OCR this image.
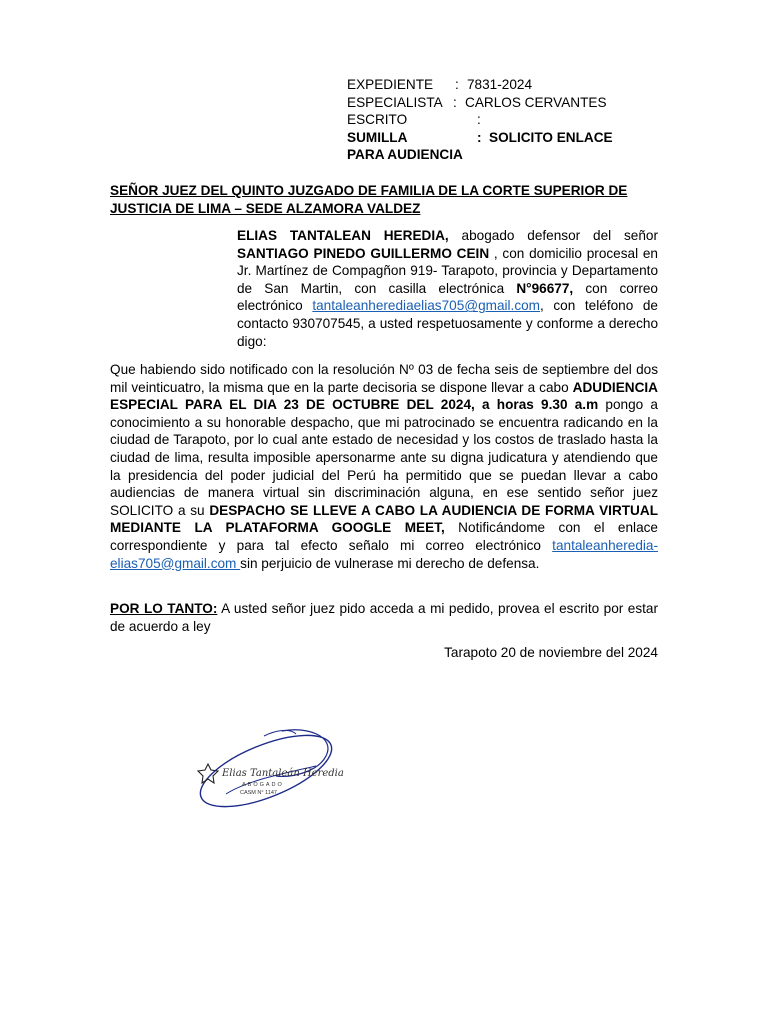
EXPEDIENTE : 7831-2024
ESPECIALISTA : CARLOS CERVANTES
ESCRITO	:
SUMILLA	: SOLICITO ENLACE
PARA AUDIENCIA
SEÑOR JUEZ DEL QUINTO JUZGADO DE FAMILIA DE LA CORTE SUPERIOR DE JUSTICIA DE LIMA – SEDE ALZAMORA VALDEZ
ELIAS TANTALEAN HEREDIA, abogado defensor del señor SANTIAGO PINEDO GUILLERMO CEIN , con domicilio procesal en Jr. Martínez de Compagñon 919- Tarapoto, provincia y Departamento de San Martin, con casilla electrónica N°96677, con correo electrónico tantaleanherediaelias705@gmail.com, con teléfono de contacto 930707545, a usted respetuosamente y conforme a derecho digo:
Que habiendo sido notificado con la resolución Nº 03 de fecha seis de septiembre del dos mil veinticuatro, la misma que en la parte decisoria se dispone llevar a cabo ADUDIENCIA ESPECIAL PARA EL DIA 23 DE OCTUBRE DEL 2024, a horas 9.30 a.m pongo a conocimiento a su honorable despacho, que mi patrocinado se encuentra radicando en la ciudad de Tarapoto, por lo cual ante estado de necesidad y los costos de traslado hasta la ciudad de lima, resulta imposible apersonarme ante su digna judicatura y atendiendo que la presidencia del poder judicial del Perú ha permitido que se puedan llevar a cabo audiencias de manera virtual sin discriminación alguna, en ese sentido señor juez SOLICITO a su DESPACHO SE LLEVE A CABO LA AUDIENCIA DE FORMA VIRTUAL MEDIANTE LA PLATAFORMA GOOGLE MEET, Notificándome con el enlace correspondiente y para tal efecto señalo mi correo electrónico tantaleanherediaelias705@gmail.com sin perjuicio de vulnerase mi derecho de defensa.
POR LO TANTO: A usted señor juez pido acceda a mi pedido, provea el escrito por estar de acuerdo a ley
Tarapoto 20 de noviembre del 2024
Elias Tantaleán Heredia
ABOGADO
CASM N° 1147
